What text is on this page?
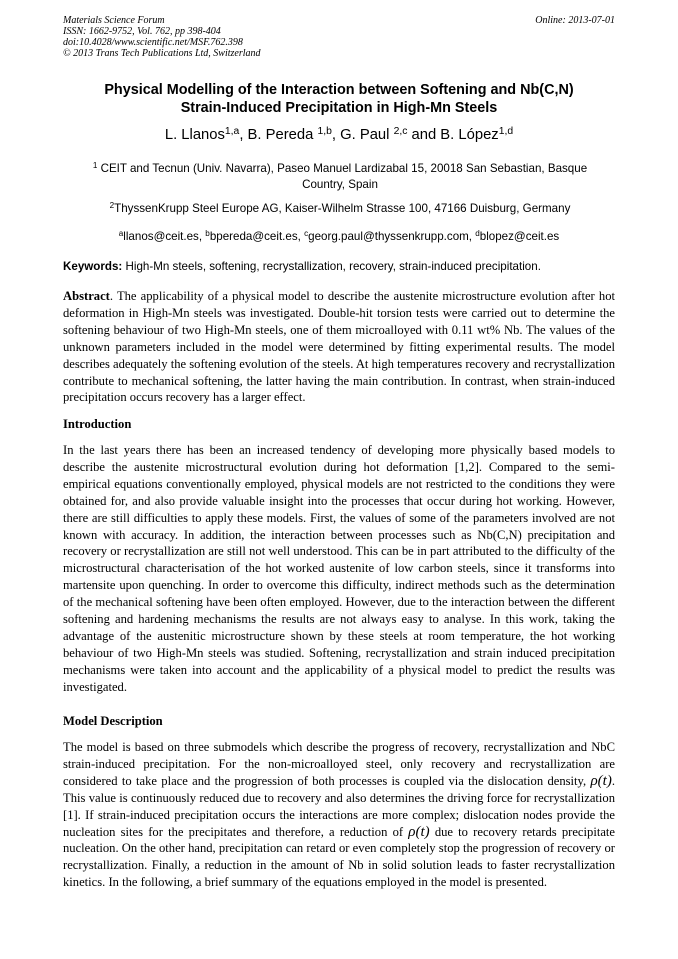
Materials Science Forum
ISSN: 1662-9752, Vol. 762, pp 398-404
doi:10.4028/www.scientific.net/MSF.762.398
© 2013 Trans Tech Publications Ltd, Switzerland
Online: 2013-07-01
Physical Modelling of the Interaction between Softening and Nb(C,N)
Strain-Induced Precipitation in High-Mn Steels
L. Llanos$^{1,a}$, B. Pereda $^{1,b}$, G. Paul $^{2,c}$ and B. López$^{1,d}$
$^1$ CEIT and Tecnun (Univ. Navarra), Paseo Manuel Lardizabal 15, 20018 San Sebastian, Basque Country, Spain
$^2$ThyssenKrupp Steel Europe AG, Kaiser-Wilhelm Strasse 100, 47166 Duisburg, Germany
$^a$llanos@ceit.es, $^b$bpereda@ceit.es, $^c$georg.paul@thyssenkrupp.com, $^d$blopez@ceit.es
Keywords: High-Mn steels, softening, recrystallization, recovery, strain-induced precipitation.
Abstract. The applicability of a physical model to describe the austenite microstructure evolution after hot deformation in High-Mn steels was investigated. Double-hit torsion tests were carried out to determine the softening behaviour of two High-Mn steels, one of them microalloyed with 0.11 wt% Nb. The values of the unknown parameters included in the model were determined by fitting experimental results. The model describes adequately the softening evolution of the steels. At high temperatures recovery and recrystallization contribute to mechanical softening, the latter having the main contribution. In contrast, when strain-induced precipitation occurs recovery has a larger effect.
Introduction
In the last years there has been an increased tendency of developing more physically based models to describe the austenite microstructural evolution during hot deformation [1,2]. Compared to the semi-empirical equations conventionally employed, physical models are not restricted to the conditions they were obtained for, and also provide valuable insight into the processes that occur during hot working. However, there are still difficulties to apply these models. First, the values of some of the parameters involved are not known with accuracy. In addition, the interaction between processes such as Nb(C,N) precipitation and recovery or recrystallization are still not well understood. This can be in part attributed to the difficulty of the microstructural characterisation of the hot worked austenite of low carbon steels, since it transforms into martensite upon quenching. In order to overcome this difficulty, indirect methods such as the determination of the mechanical softening have been often employed. However, due to the interaction between the different softening and hardening mechanisms the results are not always easy to analyse. In this work, taking the advantage of the austenitic microstructure shown by these steels at room temperature, the hot working behaviour of two High-Mn steels was studied. Softening, recrystallization and strain induced precipitation mechanisms were taken into account and the applicability of a physical model to predict the results was investigated.
Model Description
The model is based on three submodels which describe the progress of recovery, recrystallization and NbC strain-induced precipitation. For the non-microalloyed steel, only recovery and recrystallization are considered to take place and the progression of both processes is coupled via the dislocation density, ρ(t). This value is continuously reduced due to recovery and also determines the driving force for recrystallization [1]. If strain-induced precipitation occurs the interactions are more complex; dislocation nodes provide the nucleation sites for the precipitates and therefore, a reduction of ρ(t) due to recovery retards precipitate nucleation. On the other hand, precipitation can retard or even completely stop the progression of recovery or recrystallization. Finally, a reduction in the amount of Nb in solid solution leads to faster recrystallization kinetics. In the following, a brief summary of the equations employed in the model is presented.
